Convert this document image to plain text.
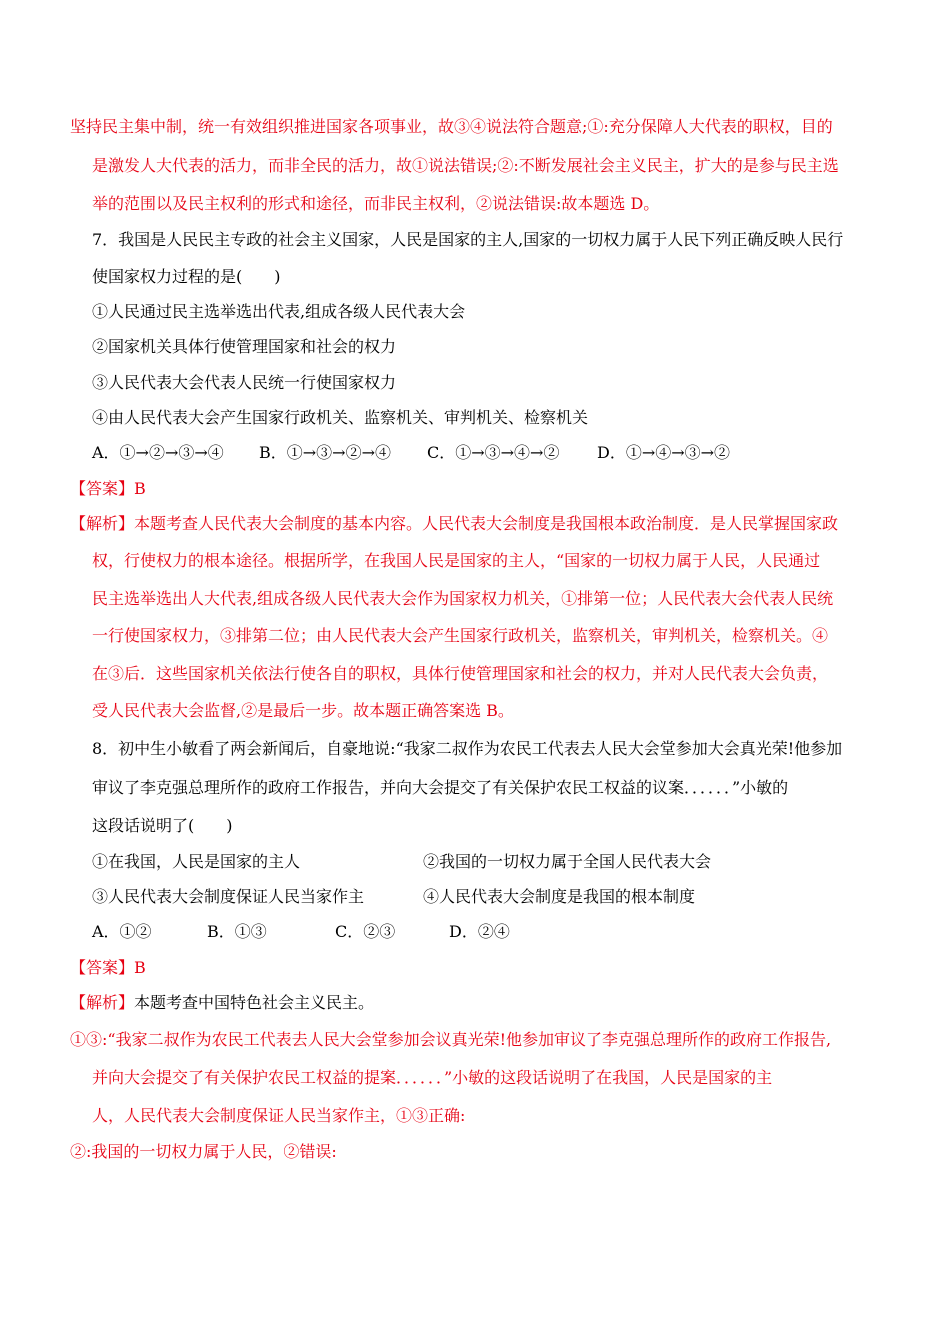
坚持民主集中制，统一有效组织推进国家各项事业，故③④说法符合题意;①:充分保障人大代表的职权，目的
是激发人大代表的活力，而非全民的活力，故①说法错误;②:不断发展社会主义民主，扩大的是参与民主选
举的范围以及民主权利的形式和途径，而非民主权利，②说法错误:故本题选 D。
7．我国是人民民主专政的社会主义国家，人民是国家的主人,国家的一切权力属于人民下列正确反映人民行
使国家权力过程的是(　　)
①人民通过民主选举选出代表,组成各级人民代表大会
②国家机关具体行使管理国家和社会的权力
③人民代表大会代表人民统一行使国家权力
④由人民代表大会产生国家行政机关、监察机关、审判机关、检察机关
A．①→②→③→④ B．①→③→②→④ C．①→③→④→② D．①→④→③→②
【答案】B
【解析】本题考查人民代表大会制度的基本内容。人民代表大会制度是我国根本政治制度．是人民掌握国家政
权，行使权力的根本途径。根据所学，在我国人民是国家的主人，“国家的一切权力属于人民，人民通过
民主选举选出人大代表,组成各级人民代表大会作为国家权力机关，①排第一位；人民代表大会代表人民统
一行使国家权力，③排第二位；由人民代表大会产生国家行政机关，监察机关，审判机关，检察机关。④
在③后．这些国家机关依法行使各自的职权，具体行使管理国家和社会的权力，并对人民代表大会负责，
受人民代表大会监督,②是最后一步。故本题正确答案选 B。
8．初中生小敏看了两会新闻后，自豪地说:“我家二叔作为农民工代表去人民大会堂参加大会真光荣!他参加
审议了李克强总理所作的政府工作报告，并向大会提交了有关保护农民工权益的议案．．．．．．”小敏的
这段话说明了(　　)
①在我国，人民是国家的主人	②我国的一切权力属于全国人民代表大会
③人民代表大会制度保证人民当家作主	④人民代表大会制度是我国的根本制度
A．①②	B．①③	C．②③	D．②④
【答案】B
【解析】本题考查中国特色社会主义民主。
①③:“我家二叔作为农民工代表去人民大会堂参加会议真光荣!他参加审议了李克强总理所作的政府工作报告,
并向大会提交了有关保护农民工权益的提案．．．．．．”小敏的这段话说明了在我国，人民是国家的主
人，人民代表大会制度保证人民当家作主，①③正确:
②:我国的一切权力属于人民，②错误:
